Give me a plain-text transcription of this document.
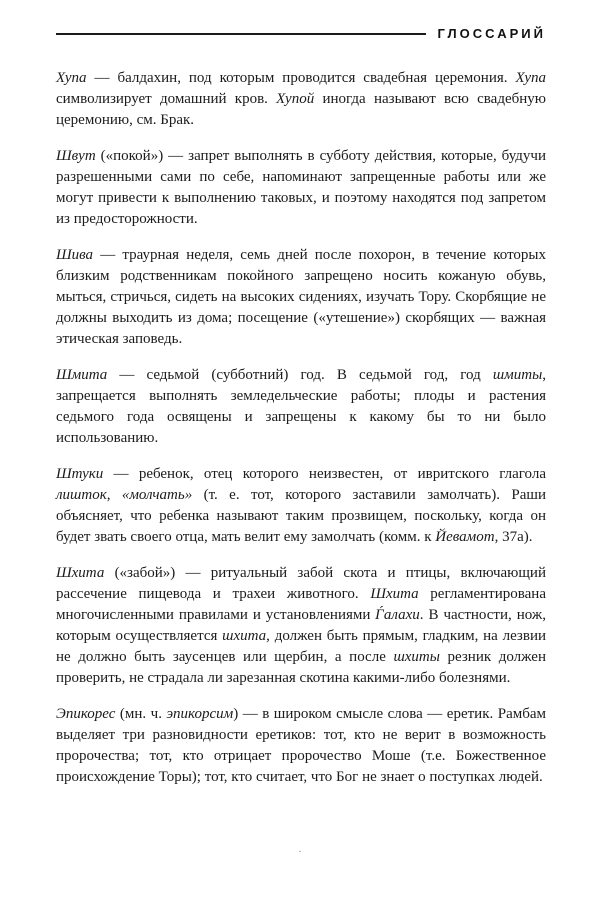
ГЛОССАРИЙ

Хупа — балдахин, под которым проводится свадебная церемония. Хупа символизирует домашний кров. Хупой иногда называют всю свадебную церемонию, см. Брак.

Швут («покой») — запрет выполнять в субботу действия, которые, будучи разрешенными сами по себе, напоминают запрещенные работы или же могут привести к выполнению таковых, и поэтому находятся под запретом из предосторожности.

Шива — траурная неделя, семь дней после похорон, в течение которых близким родственникам покойного запрещено носить кожаную обувь, мыться, стричься, сидеть на высоких сидениях, изучать Тору. Скорбящие не должны выходить из дома; посещение («утешение») скорбящих — важная этическая заповедь.

Шмита — седьмой (субботний) год. В седьмой год, год шмиты, запрещается выполнять земледельческие работы; плоды и растения седьмого года освящены и запрещены к какому бы то ни было использованию.

Штуки — ребенок, отец которого неизвестен, от ивритского глагола лишток, «молчать» (т. е. тот, которого заставили замолчать). Раши объясняет, что ребенка называют таким прозвищем, поскольку, когда он будет звать своего отца, мать велит ему замолчать (комм. к Йевамот, 37а).

Шхита («забой») — ритуальный забой скота и птицы, включающий рассечение пищевода и трахеи животного. Шхита регламентирована многочисленными правилами и установлениями Ѓалахи. В частности, нож, которым осуществляется шхита, должен быть прямым, гладким, на лезвии не должно быть заусенцев или щербин, а после шхиты резник должен проверить, не страдала ли зарезанная скотина какими-либо болезнями.

Эпикорес (мн. ч. эпикорсим) — в широком смысле слова — еретик. Рамбам выделяет три разновидности еретиков: тот, кто не верит в возможность пророчества; тот, кто отрицает пророчество Моше (т.е. Божественное происхождение Торы); тот, кто считает, что Бог не знает о поступках людей.

·
